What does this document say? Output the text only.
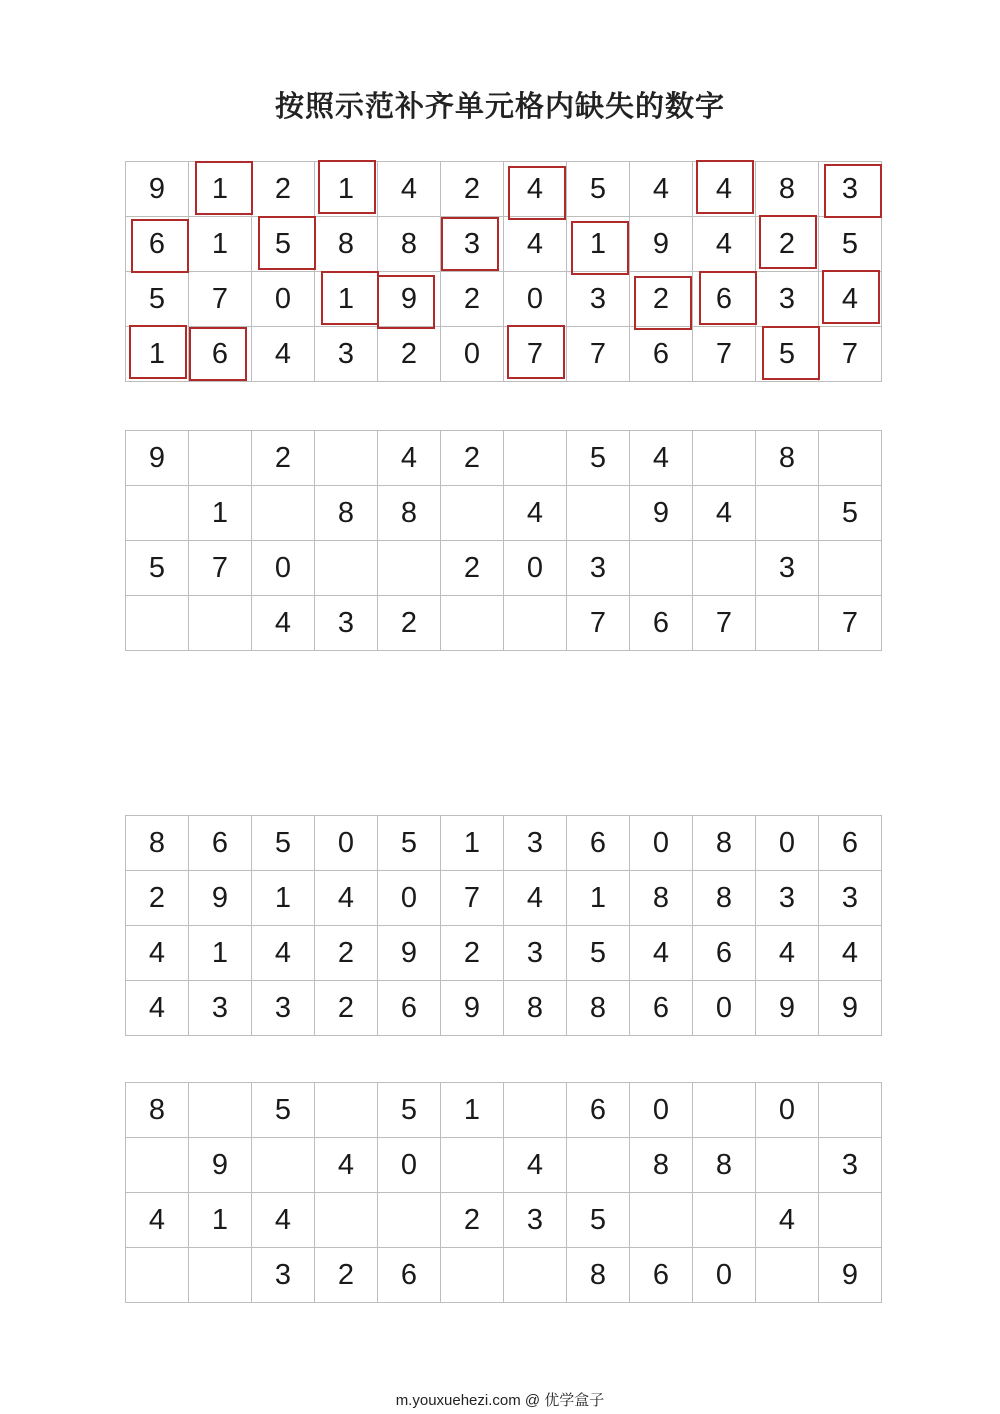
按照示范补齐单元格内缺失的数字
9	1	2	1	4	2	4	5	4	4	8	3

6	1	5	8	8	3	4	1	9	4	2	5
5	7	0	1	9	2	0	3	2	6	3	4

1	6	4	3	2	0	7	7	6	7	5	7
9		2		4	2		5	4		8	
	1		8	8		4		9	4		5
5	7	0			2	0	3			3	
		4	3	2			7	6	7		7
8	6	5	0	5	1	3	6	0	8	0	6
2	9	1	4	0	7	4	1	8	8	3	3
4	1	4	2	9	2	3	5	4	6	4	4
4	3	3	2	6	9	8	8	6	0	9	9
8		5		5	1		6	0		0	
	9		4	0		4		8	8		3
4	1	4			2	3	5			4	
		3	2	6			8	6	0		9
m.youxuehezi.com @ 优学盒子
